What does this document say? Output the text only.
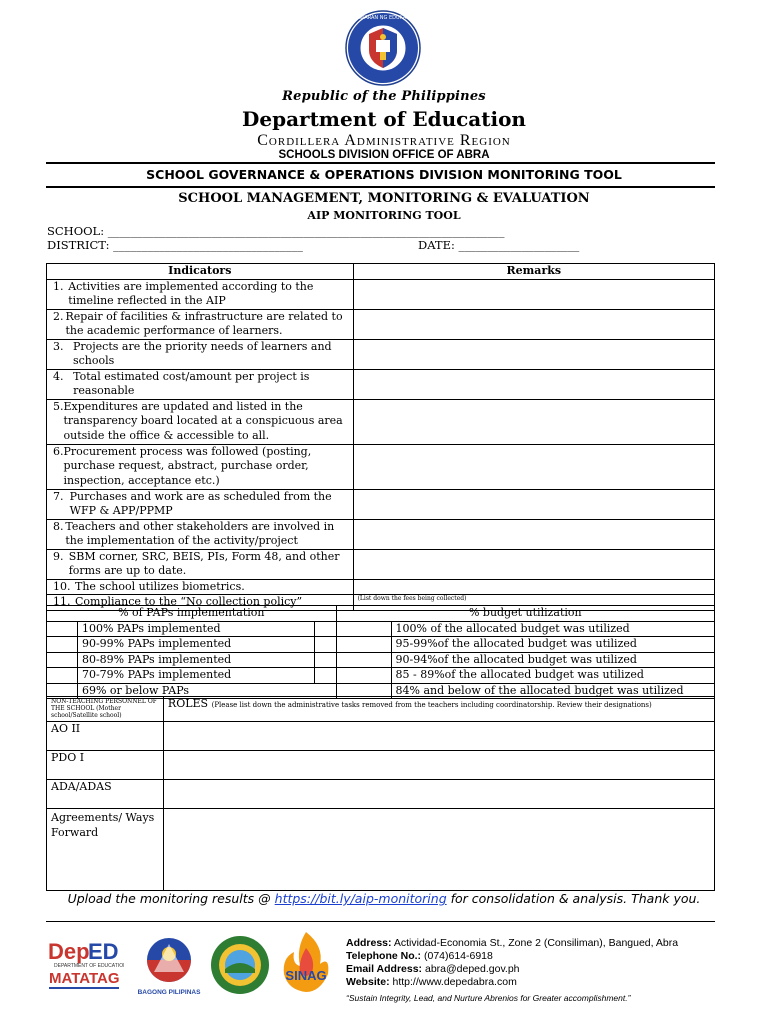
KAGAWARAN NG EDUKASYON
Republic of the Philippines
Department of Education
Cordillera Administrative Region
SCHOOLS DIVISION OFFICE OF ABRA
SCHOOL GOVERNANCE & OPERATIONS DIVISION MONITORING TOOL
SCHOOL MANAGEMENT, MONITORING & EVALUATION
AIP MONITORING TOOL
SCHOOL: _____________________________________________________________________
DISTRICT: _________________________________	DATE: _____________________
Indicators	Remarks

1. Activities are implemented according to the timeline reflected in the AIP	

2. Repair of facilities & infrastructure are related to the academic performance of learners.	

3. Projects are the priority needs of learners and schools	

4. Total estimated cost/amount per project is reasonable	

5. Expenditures are updated and listed in the transparency board located at a conspicuous area outside the office & accessible to all.	

6. Procurement process was followed (posting, purchase request, abstract, purchase order, inspection, acceptance etc.)	

7. Purchases and work are as scheduled from the WFP & APP/PPMP	

8. Teachers and other stakeholders are involved in the implementation of the activity/project	

9. SBM corner, SRC, BEIS, PIs, Form 48, and other forms are up to date.	

10. The school utilizes biometrics.	

11. Compliance to the “No collection policy”	(List down the fees being collected)
% of PAPs implementation			% budget utilization	
	100% PAPs implemented			100% of the allocated budget was utilized
	90-99% PAPs implemented			95-99%of the allocated budget was utilized
	80-89% PAPs implemented			90-94%of the allocated budget was utilized
	70-79% PAPs implemented			85 - 89%of the allocated budget was utilized
	69% or below PAPs			84% and below of the allocated budget was utilized
NON-TEACHING PERSONNEL OF THE SCHOOL (Mother school/Satellite school)	ROLES (Please list down the administrative tasks removed from the teachers including coordinatorship. Review their designations)
AO II	
PDO I	
ADA/ADAS	
Agreements/ Ways Forward	
Upload the monitoring results @ https://bit.ly/aip-monitoring for consolidation & analysis. Thank you.
Dep
ED
DEPARTMENT OF EDUCATION
MATATAG
BAGONG PILIPINAS
SINAG
Address: Actividad-Economia St., Zone 2 (Consiliman), Bangued, Abra
Telephone No.: (074)614-6918
Email Address: abra@deped.gov.ph
Website: http://www.depedabra.com
“Sustain Integrity, Lead, and Nurture Abrenios for Greater accomplishment.”
